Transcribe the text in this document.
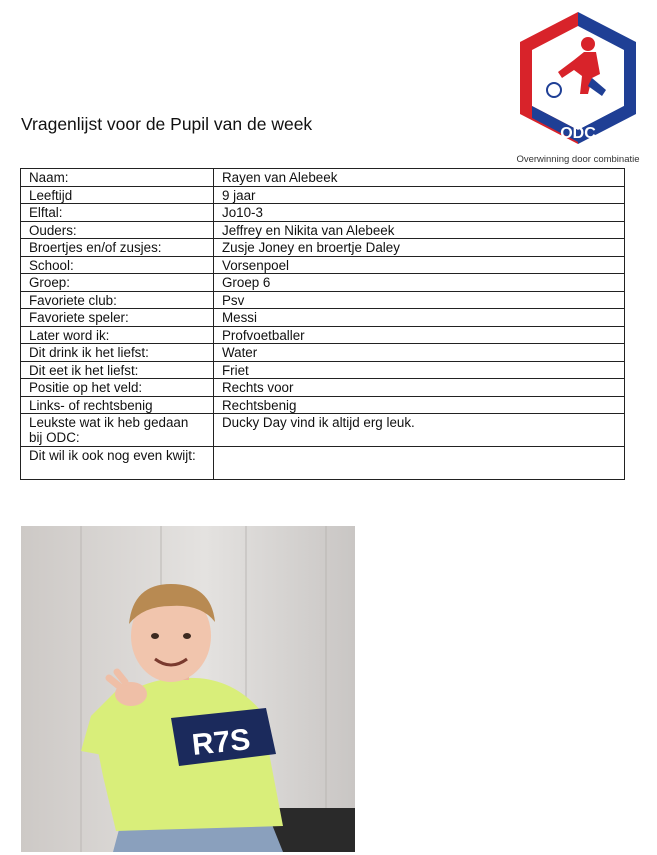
ODC
Overwinning door combinatie
Vragenlijst voor de Pupil van de week
Naam:	Rayen van Alebeek
Leeftijd	9 jaar
Elftal:	Jo10-3
Ouders:	Jeffrey en Nikita van Alebeek
Broertjes en/of zusjes:	Zusje Joney en broertje Daley
School:	Vorsenpoel
Groep:	Groep 6
Favoriete club:	Psv
Favoriete speler:	Messi
Later word ik:	Profvoetballer
Dit drink ik het liefst:	Water
Dit eet ik het liefst:	Friet
Positie op het veld:	Rechts voor
Links- of rechtsbenig	Rechtsbenig
Leukste wat ik heb gedaan bij ODC:	Ducky Day vind ik altijd erg leuk.
Dit wil ik ook nog even kwijt:	
R7S
